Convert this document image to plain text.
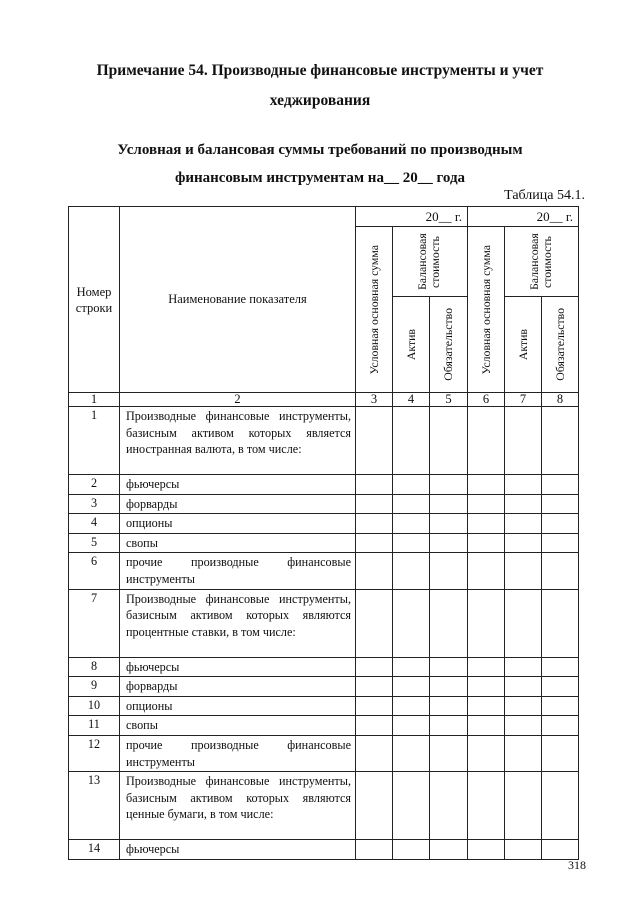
Примечание 54. Производные финансовые инструменты и учет
хеджирования
Условная и балансовая суммы требований по производным
финансовым инструментам на__ 20__ года
Таблица 54.1.
Номер строки	Наименование показателя	20__ г.			20__ г.		

		Условная основная сумма	Балансовая стоимость		Условная основная сумма	Балансовая стоимость	

			Актив	Обязательство		Актив	Обязательство

1	2	3	4	5	6	7	8
1	Производные финансовые инструменты, базисным активом которых является иностранная валюта, в том числе:						
2	фьючерсы						
3	форварды						
4	опционы						
5	свопы						
6	прочие производные финансовые инструменты						
7	Производные финансовые инструменты, базисным активом которых являются процентные ставки, в том числе:						
8	фьючерсы						
9	форварды						
10	опционы						
11	свопы						
12	прочие производные финансовые инструменты						
13	Производные финансовые инструменты, базисным активом которых являются ценные бумаги, в том числе:						
14	фьючерсы						
318
